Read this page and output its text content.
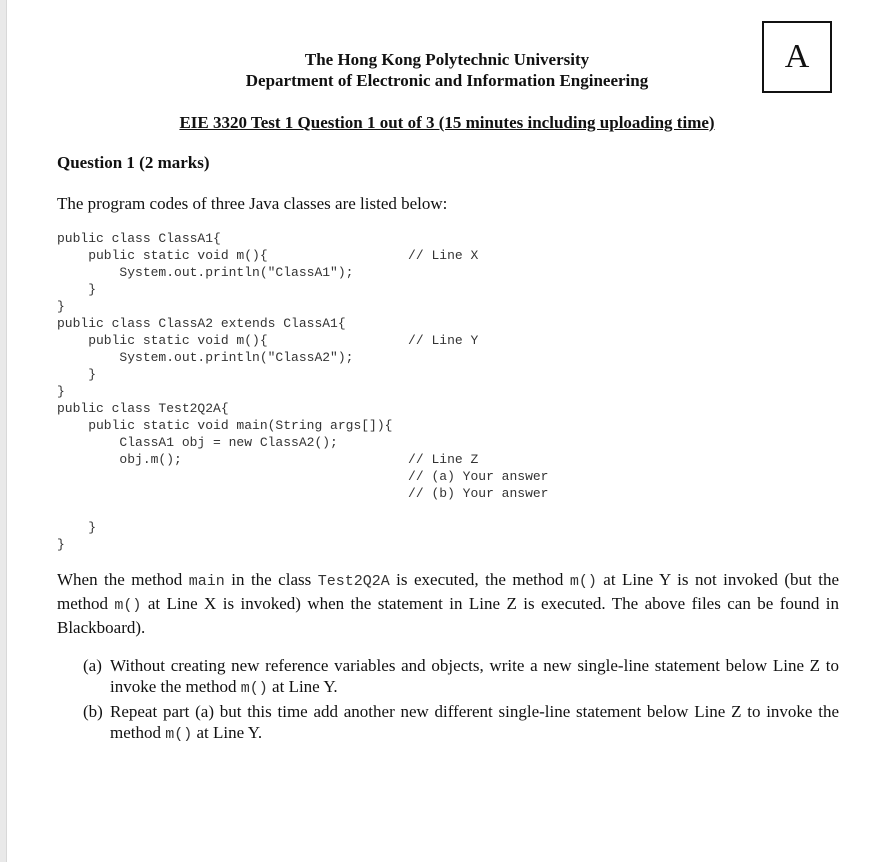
A
The Hong Kong Polytechnic University
Department of Electronic and Information Engineering
EIE 3320 Test 1 Question 1 out of 3 (15 minutes including uploading time)
Question 1 (2 marks)
The program codes of three Java classes are listed below:
public class ClassA1{
public static void m(){                  // Line X
System.out.println("ClassA1");
}
}
public class ClassA2 extends ClassA1{
public static void m(){                  // Line Y
System.out.println("ClassA2");
}
}
public class Test2Q2A{
public static void main(String args[]){
ClassA1 obj = new ClassA2();
obj.m();                             // Line Z
// (a) Your answer
// (b) Your answer
}
}
When the method main in the class Test2Q2A is executed, the method m() at Line Y is not invoked (but the method m() at Line X is invoked) when the statement in Line Z is executed. The above files can be found in Blackboard).
(a) Without creating new reference variables and objects, write a new single-line statement below Line Z to invoke the method m() at Line Y.
(b) Repeat part (a) but this time add another new different single-line statement below Line Z to invoke the method m() at Line Y.
